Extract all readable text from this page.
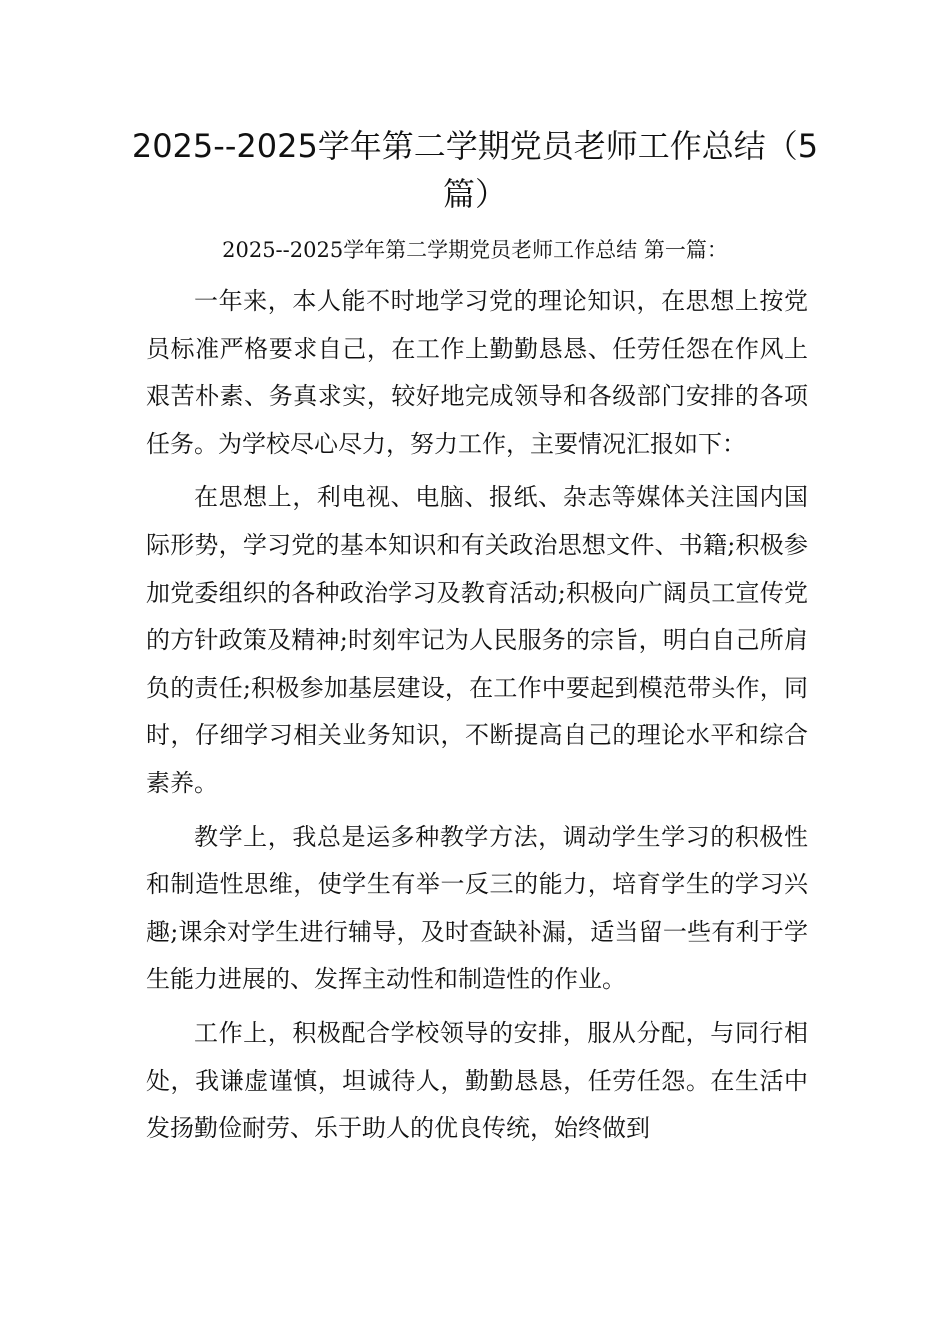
2025--2025学年第二学期党员老师工作总结（5篇）
2025--2025学年第二学期党员老师工作总结 第一篇：

一年来，本人能不时地学习党的理论知识，在思想上按党员标准严格要求自己，在工作上勤勤恳恳、任劳任怨在作风上艰苦朴素、务真求实，较好地完成领导和各级部门安排的各项任务。为学校尽心尽力，努力工作，主要情况汇报如下：

在思想上，利电视、电脑、报纸、杂志等媒体关注国内国际形势，学习党的基本知识和有关政治思想文件、书籍;积极参加党委组织的各种政治学习及教育活动;积极向广阔员工宣传党的方针政策及精神;时刻牢记为人民服务的宗旨，明白自己所肩负的责任;积极参加基层建设，在工作中要起到模范带头作，同时，仔细学习相关业务知识，不断提高自己的理论水平和综合素养。

教学上，我总是运多种教学方法，调动学生学习的积极性和制造性思维，使学生有举一反三的能力，培育学生的学习兴趣;课余对学生进行辅导，及时查缺补漏，适当留一些有利于学生能力进展的、发挥主动性和制造性的作业。

工作上，积极配合学校领导的安排，服从分配，与同行相处，我谦虚谨慎，坦诚待人，勤勤恳恳，任劳任怨。在生活中发扬勤俭耐劳、乐于助人的优良传统，始终做到
